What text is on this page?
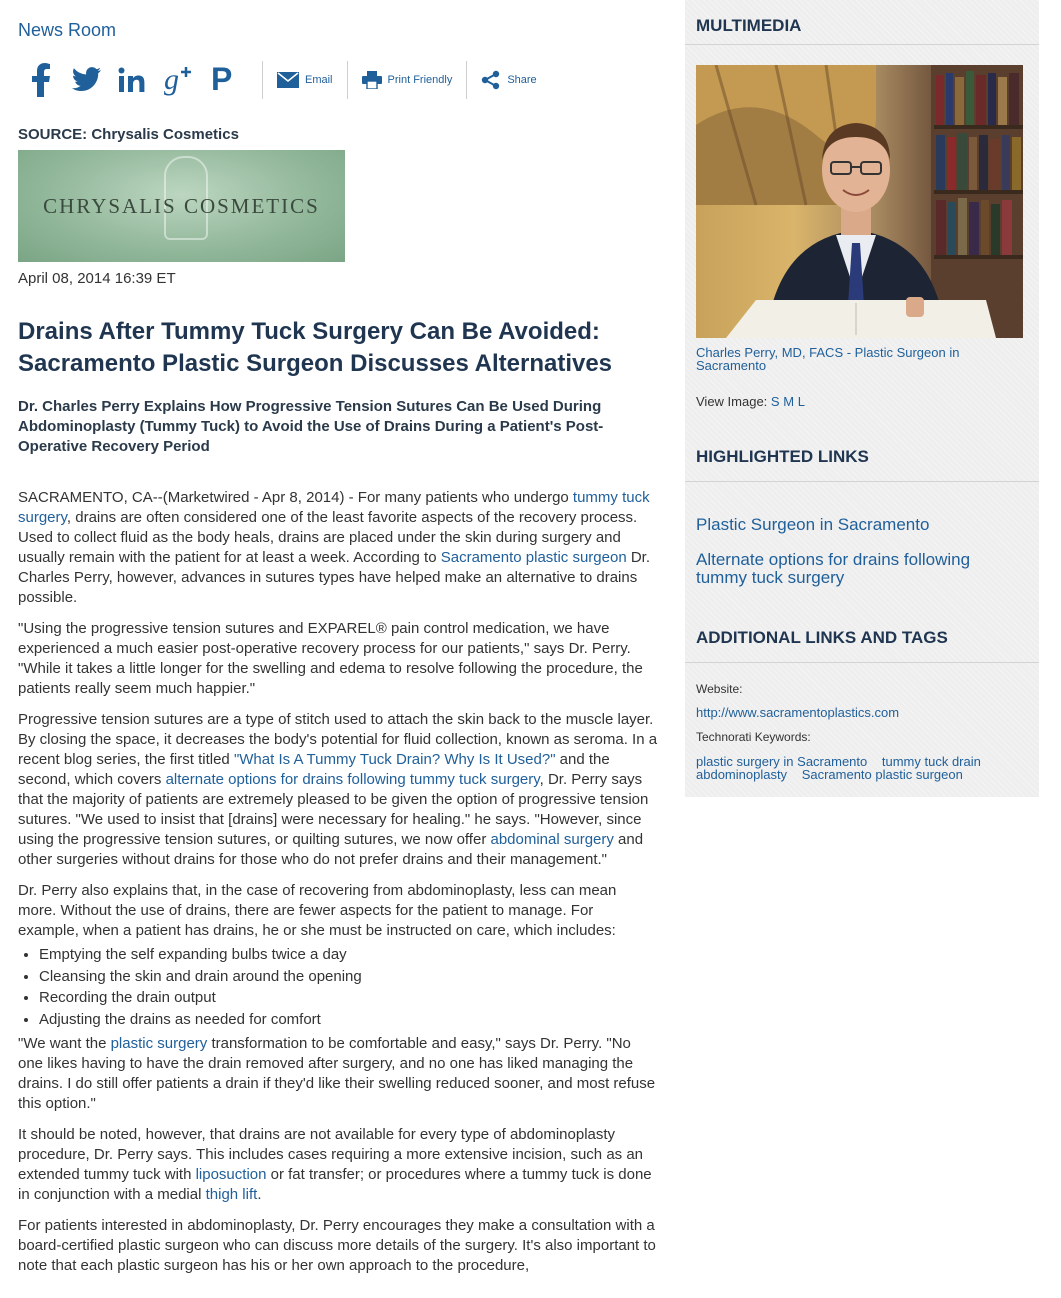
News Room
g P	Email	Print Friendly	Share
SOURCE: Chrysalis Cosmetics
CHRYSALIS COSMETICS
April 08, 2014 16:39 ET
Drains After Tummy Tuck Surgery Can Be Avoided:
Sacramento Plastic Surgeon Discusses Alternatives
Dr. Charles Perry Explains How Progressive Tension Sutures Can Be Used During Abdominoplasty (Tummy Tuck) to Avoid the Use of Drains During a Patient's Post-Operative Recovery Period

SACRAMENTO, CA--(Marketwired - Apr 8, 2014) - For many patients who undergo tummy tuck surgery, drains are often considered one of the least favorite aspects of the recovery process. Used to collect fluid as the body heals, drains are placed under the skin during surgery and usually remain with the patient for at least a week. According to Sacramento plastic surgeon Dr. Charles Perry, however, advances in sutures types have helped make an alternative to drains possible.

"Using the progressive tension sutures and EXPAREL® pain control medication, we have experienced a much easier post-operative recovery process for our patients," says Dr. Perry. "While it takes a little longer for the swelling and edema to resolve following the procedure, the patients really seem much happier."

Progressive tension sutures are a type of stitch used to attach the skin back to the muscle layer. By closing the space, it decreases the body's potential for fluid collection, known as seroma. In a recent blog series, the first titled "What Is A Tummy Tuck Drain? Why Is It Used?" and the second, which covers alternate options for drains following tummy tuck surgery, Dr. Perry says that the majority of patients are extremely pleased to be given the option of progressive tension sutures. "We used to insist that [drains] were necessary for healing." he says. "However, since using the progressive tension sutures, or quilting sutures, we now offer abdominal surgery and other surgeries without drains for those who do not prefer drains and their management."

Dr. Perry also explains that, in the case of recovering from abdominoplasty, less can mean more. Without the use of drains, there are fewer aspects for the patient to manage. For example, when a patient has drains, he or she must be instructed on care, which includes:

• Emptying the self expanding bulbs twice a day
• Cleansing the skin and drain around the opening
• Recording the drain output
• Adjusting the drains as needed for comfort

"We want the plastic surgery transformation to be comfortable and easy," says Dr. Perry. "No one likes having to have the drain removed after surgery, and no one has liked managing the drains. I do still offer patients a drain if they'd like their swelling reduced sooner, and most refuse this option."

It should be noted, however, that drains are not available for every type of abdominoplasty procedure, Dr. Perry says. This includes cases requiring a more extensive incision, such as an extended tummy tuck with liposuction or fat transfer; or procedures where a tummy tuck is done in conjunction with a medial thigh lift.

For patients interested in abdominoplasty, Dr. Perry encourages they make a consultation with a board-certified plastic surgeon who can discuss more details of the surgery. It's also important to note that each plastic surgeon has his or her own approach to the procedure,

MULTIMEDIA
Charles Perry, MD, FACS - Plastic Surgeon in Sacramento
View Image: S M L
HIGHLIGHTED LINKS
Plastic Surgeon in Sacramento
Alternate options for drains following tummy tuck surgery
ADDITIONAL LINKS AND TAGS
Website:
http://www.sacramentoplastics.com
Technorati Keywords:
plastic surgery in Sacramento tummy tuck drain abdominoplasty Sacramento plastic surgeon
